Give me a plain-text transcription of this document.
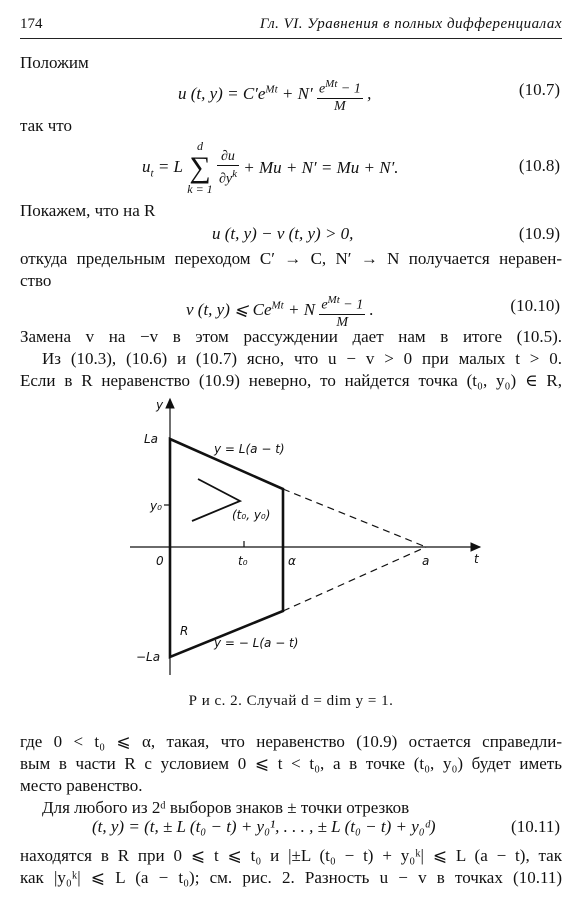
174	Гл. VI. Уравнения в полных дифференциалах
Положим
u (t, $y) = C'e^{Mt} + N' \frac{e^{Mt} - 1}{M}$ ,	(10.7)
так что
$u_t = L$ d
∑
k = 1
$\frac{\partial u}{\partial y^k} + Mu + N' = Mu + N'$.	(10.8)
Покажем, что на R
u (t, y) − v (t, y) > 0,	(10.9)
откуда предельным переходом C′ → C, N′ → N получается неравен-
ство
v (t, y) ⩽ $Ce^{Mt} + N \frac{e^{Mt} - 1}{M}$ .	(10.10)
Замена v на −v в этом рассуждении дает нам в итоге (10.5).
Из (10.3), (10.6) и (10.7) ясно, что u − v > 0 при малых t > 0.
Если в R неравенство (10.9) неверно, то найдется точка (t₀, y₀) ∈ R,
y
t
La
−La
y₀
0	t₀	α	a
y = L(a − t)
y = − L(a − t)
(t₀, y₀)
R
Р и с. 2. Случай d = dim y = 1.
где 0 < t₀ ⩽ α, такая, что неравенство (10.9) остается справедли-
вым в части R с условием 0 ⩽ t < t₀, а в точке (t₀, y₀) будет иметь
место равенство.
Для любого из 2ᵈ выборов знаков ± точки отрезков
(t, y) = (t, ± L (t₀ − t) + y₀¹, . . . , ± L (t₀ − t) + y₀ᵈ)	(10.11)
находятся в R при 0 ⩽ t ⩽ t₀ и |±L (t₀ − t) + y₀ᵏ| ⩽ L (a − t), так
как |y₀ᵏ| ⩽ L (a − t₀); см. рис. 2. Разность u − v в точках (10.11)
